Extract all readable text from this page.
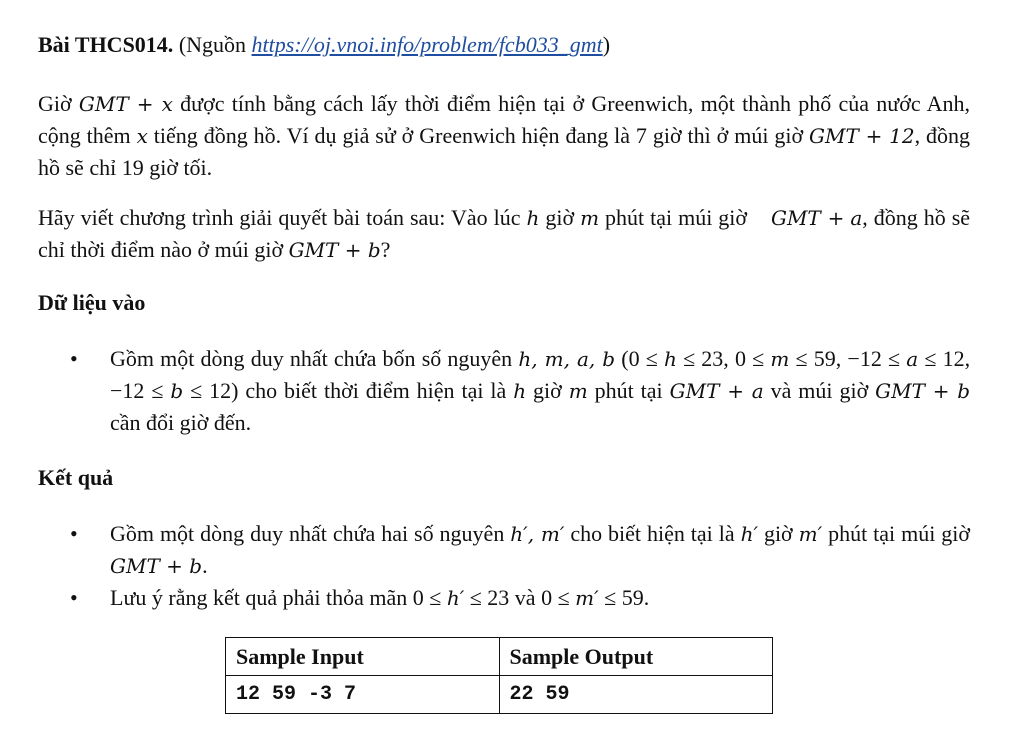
Bài THCS014. (Nguồn https://oj.vnoi.info/problem/fcb033_gmt)
Giờ GMT + x được tính bằng cách lấy thời điểm hiện tại ở Greenwich, một thành phố của nước Anh, cộng thêm x tiếng đồng hồ. Ví dụ giả sử ở Greenwich hiện đang là 7 giờ thì ở múi giờ GMT + 12, đồng hồ sẽ chỉ 19 giờ tối.
Hãy viết chương trình giải quyết bài toán sau: Vào lúc h giờ m phút tại múi giờ GMT + a, đồng hồ sẽ chỉ thời điểm nào ở múi giờ GMT + b?
Dữ liệu vào
• Gồm một dòng duy nhất chứa bốn số nguyên h, m, a, b (0 ≤ h ≤ 23, 0 ≤ m ≤ 59, −12 ≤ a ≤ 12, −12 ≤ b ≤ 12) cho biết thời điểm hiện tại là h giờ m phút tại GMT + a và múi giờ GMT + b cần đổi giờ đến.
Kết quả
• Gồm một dòng duy nhất chứa hai số nguyên h′, m′ cho biết hiện tại là h′ giờ m′ phút tại múi giờ GMT + b.
• Lưu ý rằng kết quả phải thỏa mãn 0 ≤ h′ ≤ 23 và 0 ≤ m′ ≤ 59.
Sample Input	Sample Output
12 59 -3 7	22 59
